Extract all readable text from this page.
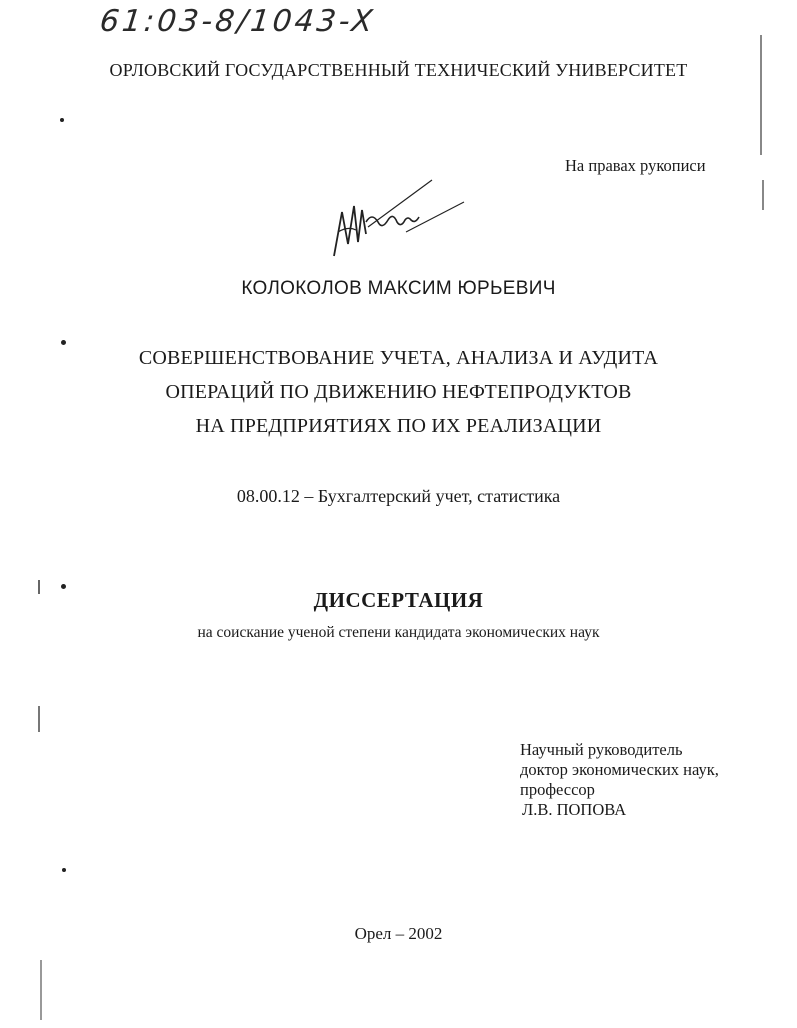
61:03-8/1043-X
ОРЛОВСКИЙ ГОСУДАРСТВЕННЫЙ ТЕХНИЧЕСКИЙ УНИВЕРСИТЕТ
На правах рукописи
КОЛОКОЛОВ МАКСИМ ЮРЬЕВИЧ
СОВЕРШЕНСТВОВАНИЕ УЧЕТА, АНАЛИЗА И АУДИТА
ОПЕРАЦИЙ ПО ДВИЖЕНИЮ НЕФТЕПРОДУКТОВ
НА ПРЕДПРИЯТИЯХ ПО ИХ РЕАЛИЗАЦИИ
08.00.12 – Бухгалтерский учет, статистика
ДИССЕРТАЦИЯ
на соискание ученой степени кандидата экономических наук
Научный руководитель
доктор экономических наук,
профессор
Л.В. ПОПОВА
Орел – 2002
